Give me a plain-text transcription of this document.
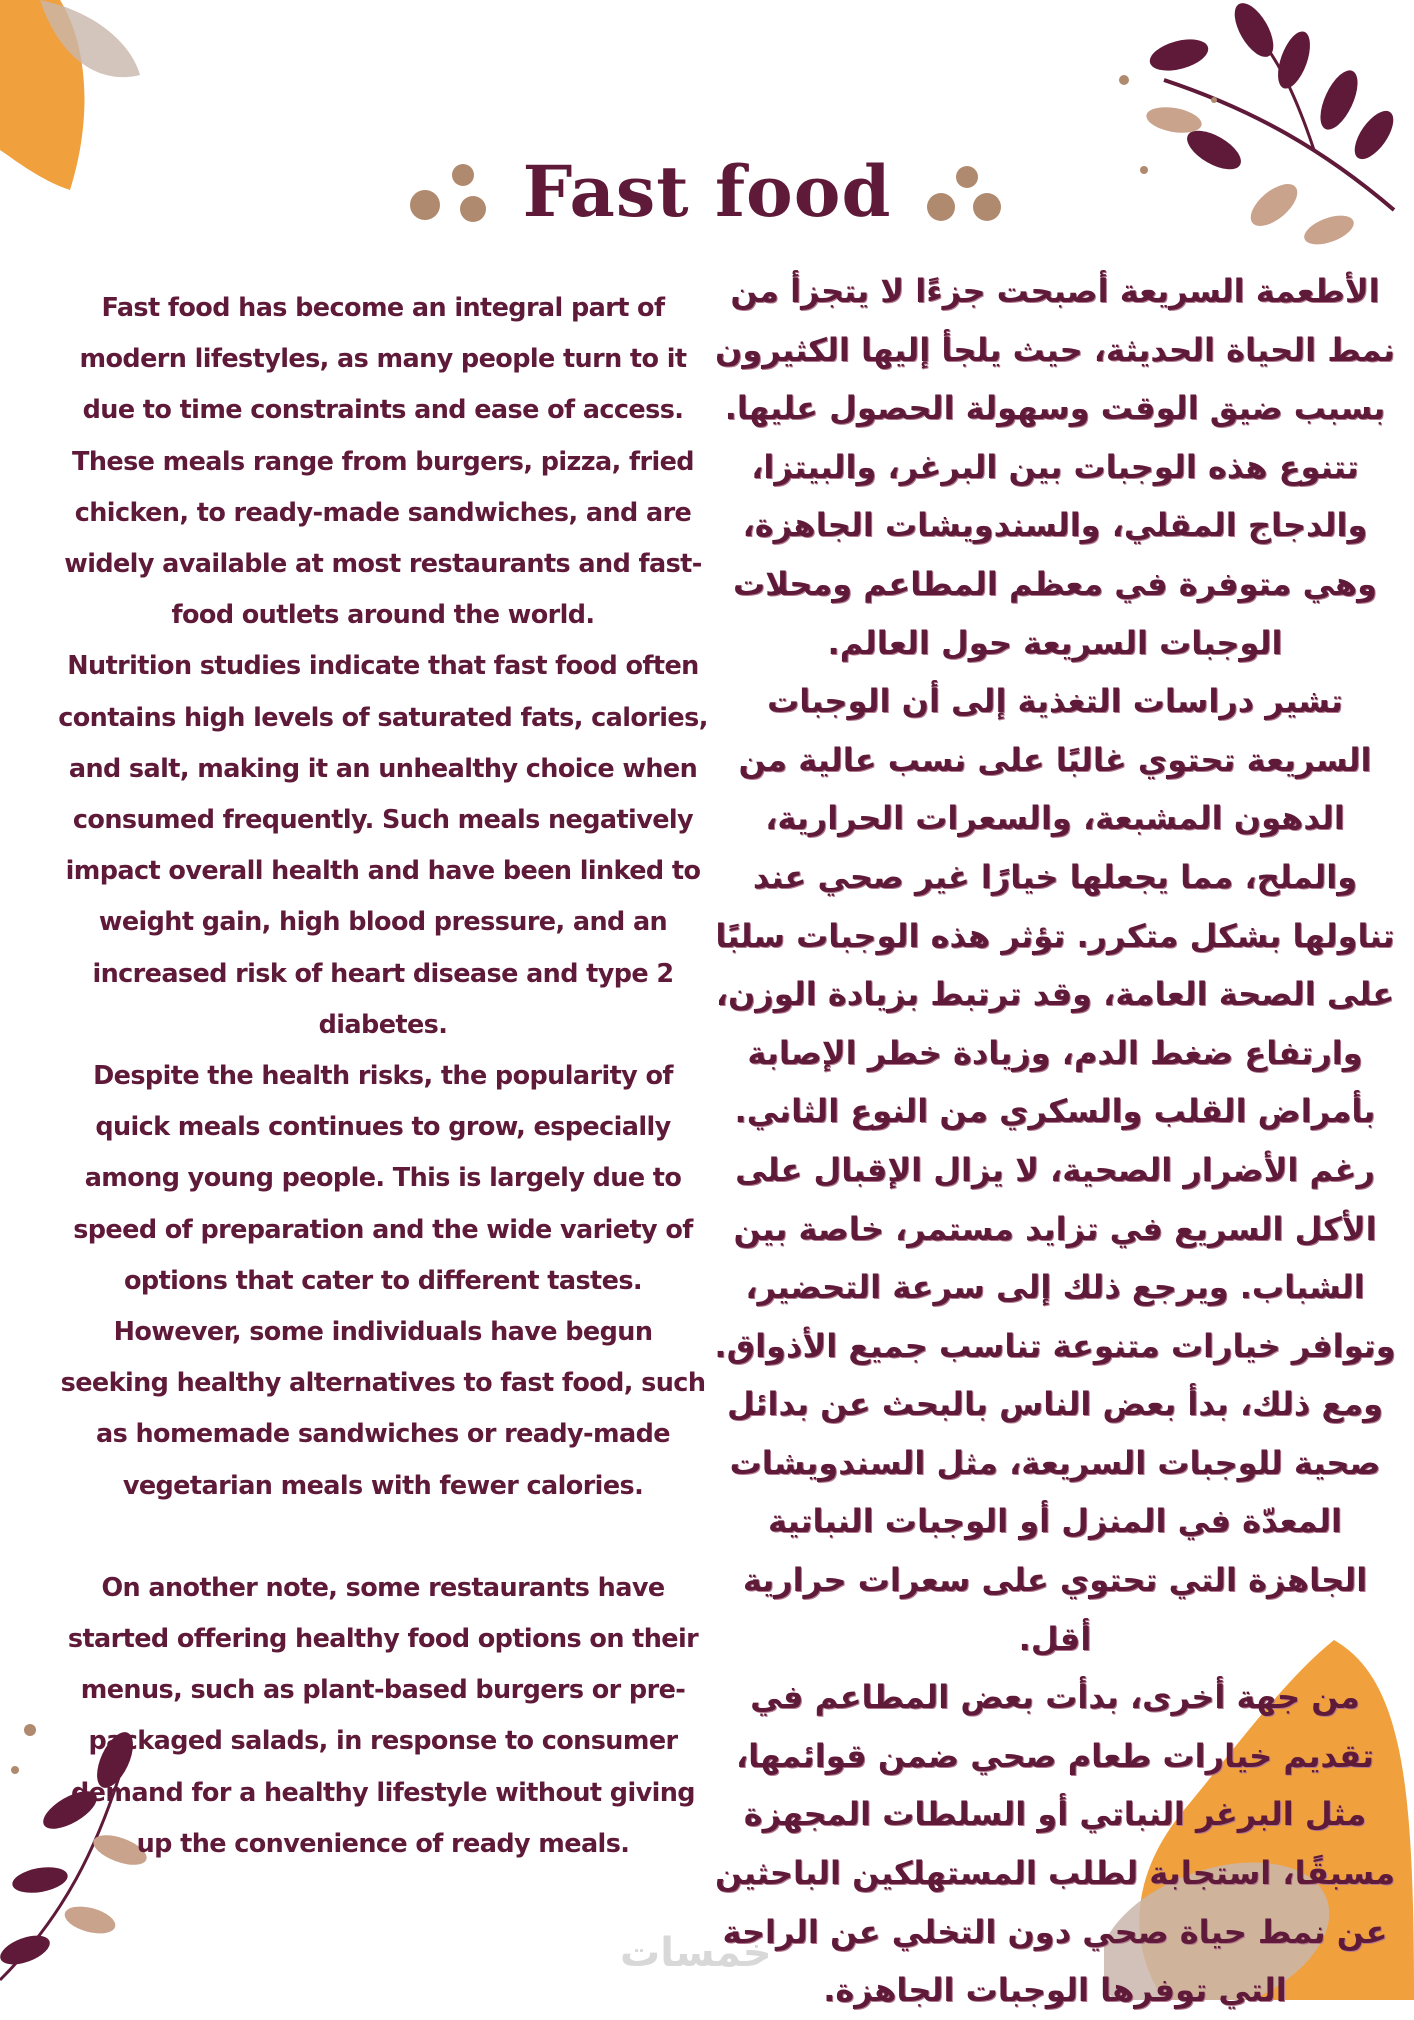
Fast food

Fast food has become an integral part of modern lifestyles, as many people turn to it due to time constraints and ease of access. These meals range from burgers, pizza, fried chicken, to ready-made sandwiches, and are widely available at most restaurants and fast-food outlets around the world.

Nutrition studies indicate that fast food often contains high levels of saturated fats, calories, and salt, making it an unhealthy choice when consumed frequently. Such meals negatively impact overall health and have been linked to weight gain, high blood pressure, and an increased risk of heart disease and type 2 diabetes.

Despite the health risks, the popularity of quick meals continues to grow, especially among young people. This is largely due to speed of preparation and the wide variety of options that cater to different tastes. However, some individuals have begun seeking healthy alternatives to fast food, such as homemade sandwiches or ready-made vegetarian meals with fewer calories.

On another note, some restaurants have started offering healthy food options on their menus, such as plant-based burgers or pre-packaged salads, in response to consumer demand for a healthy lifestyle without giving up the convenience of ready meals.

الأطعمة السريعة أصبحت جزءًا لا يتجزأ من نمط الحياة الحديثة، حيث يلجأ إليها الكثيرون بسبب ضيق الوقت وسهولة الحصول عليها. تتنوع هذه الوجبات بين البرغر، والبيتزا، والدجاج المقلي، والسندويشات الجاهزة، وهي متوفرة في معظم المطاعم ومحلات الوجبات السريعة حول العالم.

تشير دراسات التغذية إلى أن الوجبات السريعة تحتوي غالبًا على نسب عالية من الدهون المشبعة، والسعرات الحرارية، والملح، مما يجعلها خيارًا غير صحي عند تناولها بشكل متكرر. تؤثر هذه الوجبات سلبًا على الصحة العامة، وقد ترتبط بزيادة الوزن، وارتفاع ضغط الدم، وزيادة خطر الإصابة بأمراض القلب والسكري من النوع الثاني.

رغم الأضرار الصحية، لا يزال الإقبال على الأكل السريع في تزايد مستمر، خاصة بين الشباب. ويرجع ذلك إلى سرعة التحضير، وتوافر خيارات متنوعة تناسب جميع الأذواق. ومع ذلك، بدأ بعض الناس بالبحث عن بدائل صحية للوجبات السريعة، مثل السندويشات المعدّة في المنزل أو الوجبات النباتية الجاهزة التي تحتوي على سعرات حرارية أقل.

من جهة أخرى، بدأت بعض المطاعم في تقديم خيارات طعام صحي ضمن قوائمها، مثل البرغر النباتي أو السلطات المجهزة مسبقًا، استجابة لطلب المستهلكين الباحثين عن نمط حياة صحي دون التخلي عن الراحة التي توفرها الوجبات الجاهزة.

خمسات
